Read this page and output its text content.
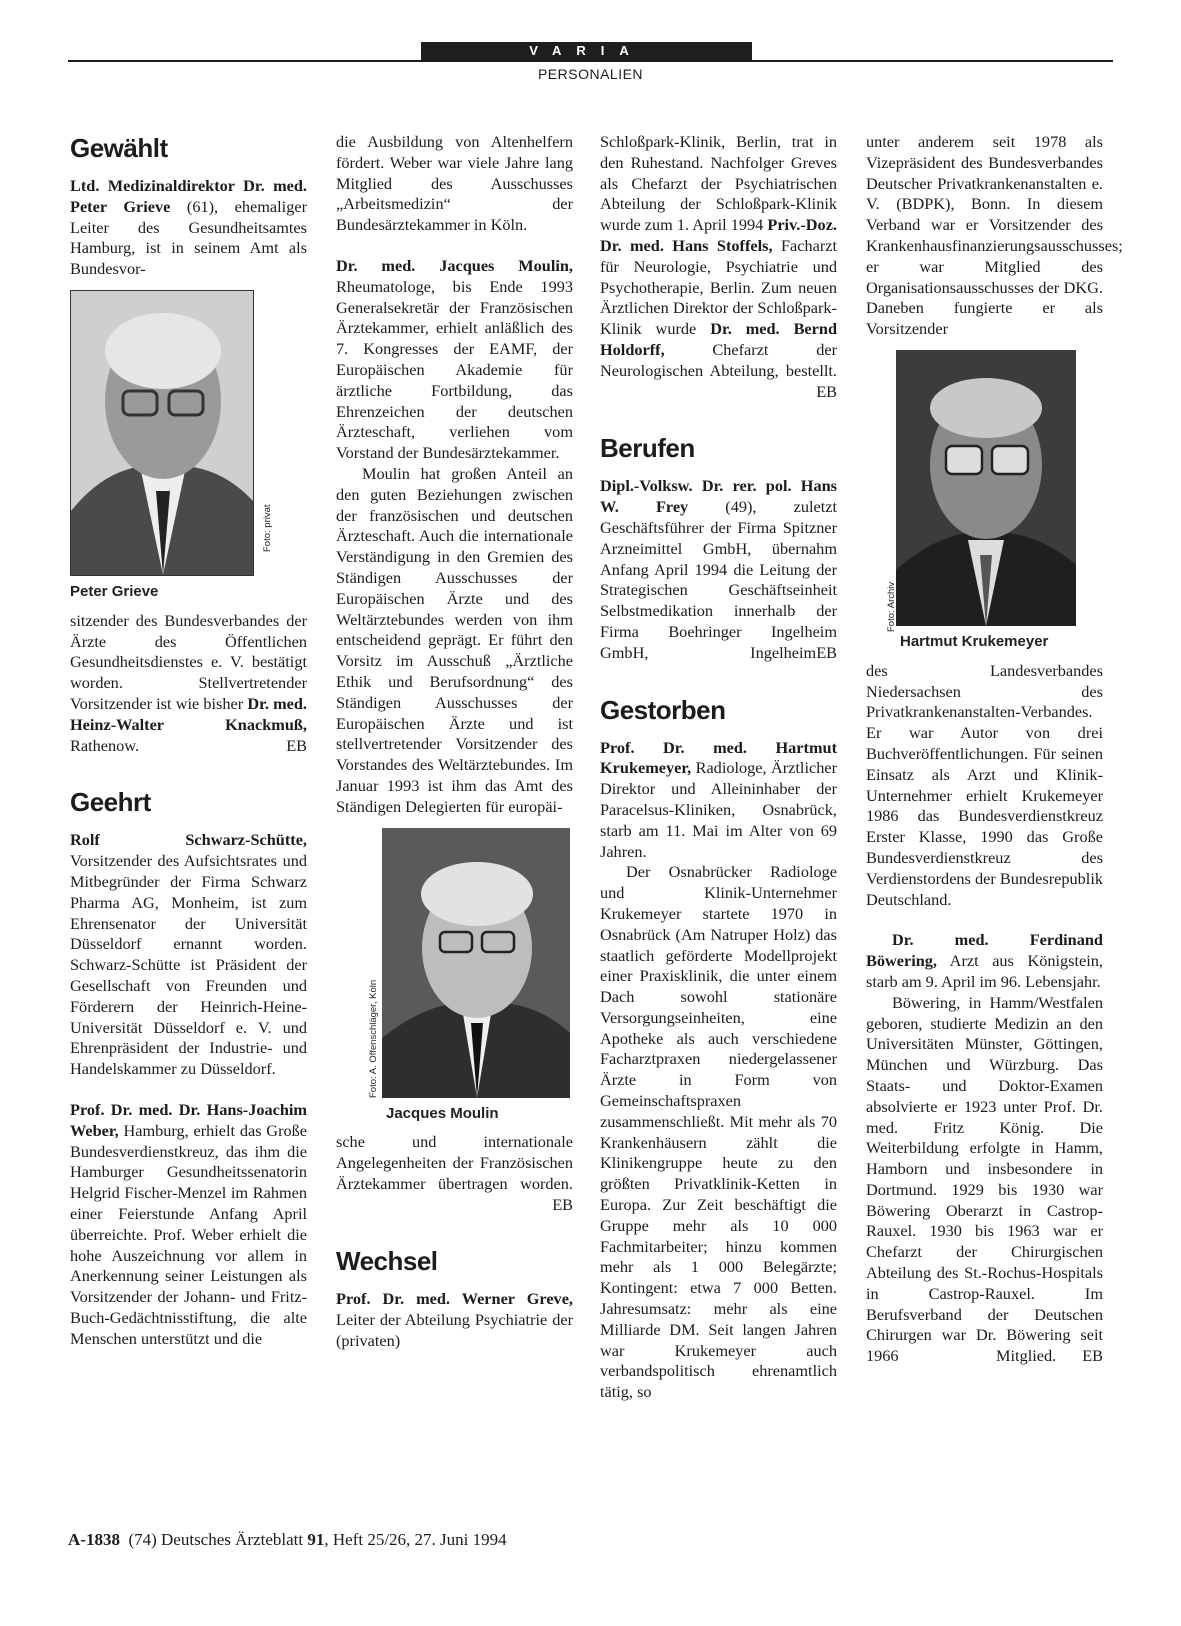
VARIA
PERSONALIEN
Gewählt

Ltd. Medizinaldirektor Dr. med. Peter Grieve (61), ehemaliger Leiter des Gesundheitsamtes Hamburg, ist in seinem Amt als Bundesvor-

Foto: privat
Peter Grieve

sitzender des Bundesverbandes der Ärzte des Öffentlichen Gesundheitsdienstes e. V. bestätigt worden. Stellvertretender Vorsitzender ist wie bisher Dr. med. Heinz-Walter Knackmuß, Rathenow.	EB

Geehrt

Rolf Schwarz-Schütte, Vorsitzender des Aufsichtsrates und Mitbegründer der Firma Schwarz Pharma AG, Monheim, ist zum Ehrensenator der Universität Düsseldorf ernannt worden. Schwarz-Schütte ist Präsident der Gesellschaft von Freunden und Förderern der Heinrich-Heine-Universität Düsseldorf e. V. und Ehrenpräsident der Industrie- und Handelskammer zu Düsseldorf.

Prof. Dr. med. Dr. Hans-Joachim Weber, Hamburg, erhielt das Große Bundesverdienstkreuz, das ihm die Hamburger Gesundheitssenatorin Helgrid Fischer-Menzel im Rahmen einer Feierstunde Anfang April überreichte. Prof. Weber erhielt die hohe Auszeichnung vor allem in Anerkennung seiner Leistungen als Vorsitzender der Johann- und Fritz-Buch-Gedächtnisstiftung, die alte Menschen unterstützt und die

die Ausbildung von Altenhelfern fördert. Weber war viele Jahre lang Mitglied des Ausschusses „Arbeitsmedizin“ der Bundesärztekammer in Köln.

Dr. med. Jacques Moulin, Rheumatologe, bis Ende 1993 Generalsekretär der Französischen Ärztekammer, erhielt anläßlich des 7. Kongresses der EAMF, der Europäischen Akademie für ärztliche Fortbildung, das Ehrenzeichen der deutschen Ärzteschaft, verliehen vom Vorstand der Bundesärztekammer.

Moulin hat großen Anteil an den guten Beziehungen zwischen der französischen und deutschen Ärzteschaft. Auch die internationale Verständigung in den Gremien des Ständigen Ausschusses der Europäischen Ärzte und des Weltärztebundes werden von ihm entscheidend geprägt. Er führt den Vorsitz im Ausschuß „Ärztliche Ethik und Berufsordnung“ des Ständigen Ausschusses der Europäischen Ärzte und ist stellvertretender Vorsitzender des Vorstandes des Weltärztebundes. Im Januar 1993 ist ihm das Amt des Ständigen Delegierten für europäi-

Foto: A. Offenschläger, Köln
Jacques Moulin

sche und internationale Angelegenheiten der Französischen Ärztekammer übertragen worden.
EB

Wechsel

Prof. Dr. med. Werner Greve, Leiter der Abteilung Psychiatrie der (privaten)

Schloßpark-Klinik, Berlin, trat in den Ruhestand. Nachfolger Greves als Chefarzt der Psychiatrischen Abteilung der Schloßpark-Klinik wurde zum 1. April 1994 Priv.-Doz. Dr. med. Hans Stoffels, Facharzt für Neurologie, Psychiatrie und Psychotherapie, Berlin. Zum neuen Ärztlichen Direktor der Schloßpark-Klinik wurde Dr. med. Bernd Holdorff, Chefarzt der Neurologischen Abteilung, bestellt.
EB

Berufen

Dipl.-Volksw. Dr. rer. pol. Hans W. Frey (49), zuletzt Geschäftsführer der Firma Spitzner Arzneimittel GmbH, übernahm Anfang April 1994 die Leitung der Strategischen Geschäftseinheit Selbstmedikation innerhalb der Firma Boehringer Ingelheim GmbH, Ingelheim EB

Gestorben

Prof. Dr. med. Hartmut Krukemeyer, Radiologe, Ärztlicher Direktor und Alleininhaber der Paracelsus-Kliniken, Osnabrück, starb am 11. Mai im Alter von 69 Jahren.

Der Osnabrücker Radiologe und Klinik-Unternehmer Krukemeyer startete 1970 in Osnabrück (Am Natruper Holz) das staatlich geförderte Modellprojekt einer Praxisklinik, die unter einem Dach sowohl stationäre Versorgungseinheiten, eine Apotheke als auch verschiedene Facharztpraxen niedergelassener Ärzte in Form von Gemeinschaftspraxen zusammenschließt. Mit mehr als 70 Krankenhäusern zählt die Klinikengruppe heute zu den größten Privatklinik-Ketten in Europa. Zur Zeit beschäftigt die Gruppe mehr als 10 000 Fachmitarbeiter; hinzu kommen mehr als 1 000 Belegärzte; Kontingent: etwa 7 000 Betten. Jahresumsatz: mehr als eine Milliarde DM. Seit langen Jahren war Krukemeyer auch verbandspolitisch ehrenamtlich tätig, so

unter anderem seit 1978 als Vizepräsident des Bundesverbandes Deutscher Privatkrankenanstalten e. V. (BDPK), Bonn. In diesem Verband war er Vorsitzender des Krankenhausfinanzierungsausschusses; er war Mitglied des Organisationsausschusses der DKG. Daneben fungierte er als Vorsitzender

Foto: Archiv
Hartmut Krukemeyer

des Landesverbandes Niedersachsen des Privatkrankenanstalten-Verbandes. Er war Autor von drei Buchveröffentlichungen. Für seinen Einsatz als Arzt und Klinik-Unternehmer erhielt Krukemeyer 1986 das Bundesverdienstkreuz Erster Klasse, 1990 das Große Bundesverdienstkreuz des Verdienstordens der Bundesrepublik Deutschland.

Dr. med. Ferdinand Böwering, Arzt aus Königstein, starb am 9. April im 96. Lebensjahr.

Böwering, in Hamm/Westfalen geboren, studierte Medizin an den Universitäten Münster, Göttingen, München und Würzburg. Das Staats- und Doktor-Examen absolvierte er 1923 unter Prof. Dr. med. Fritz König. Die Weiterbildung erfolgte in Hamm, Hamborn und insbesondere in Dortmund. 1929 bis 1930 war Böwering Oberarzt in Castrop-Rauxel. 1930 bis 1963 war er Chefarzt der Chirurgischen Abteilung des St.-Rochus-Hospitals in Castrop-Rauxel. Im Berufsverband der Deutschen Chirurgen war Dr. Böwering seit 1966 Mitglied.	EB

A-1838 (74) Deutsches Ärzteblatt 91, Heft 25/26, 27. Juni 1994
